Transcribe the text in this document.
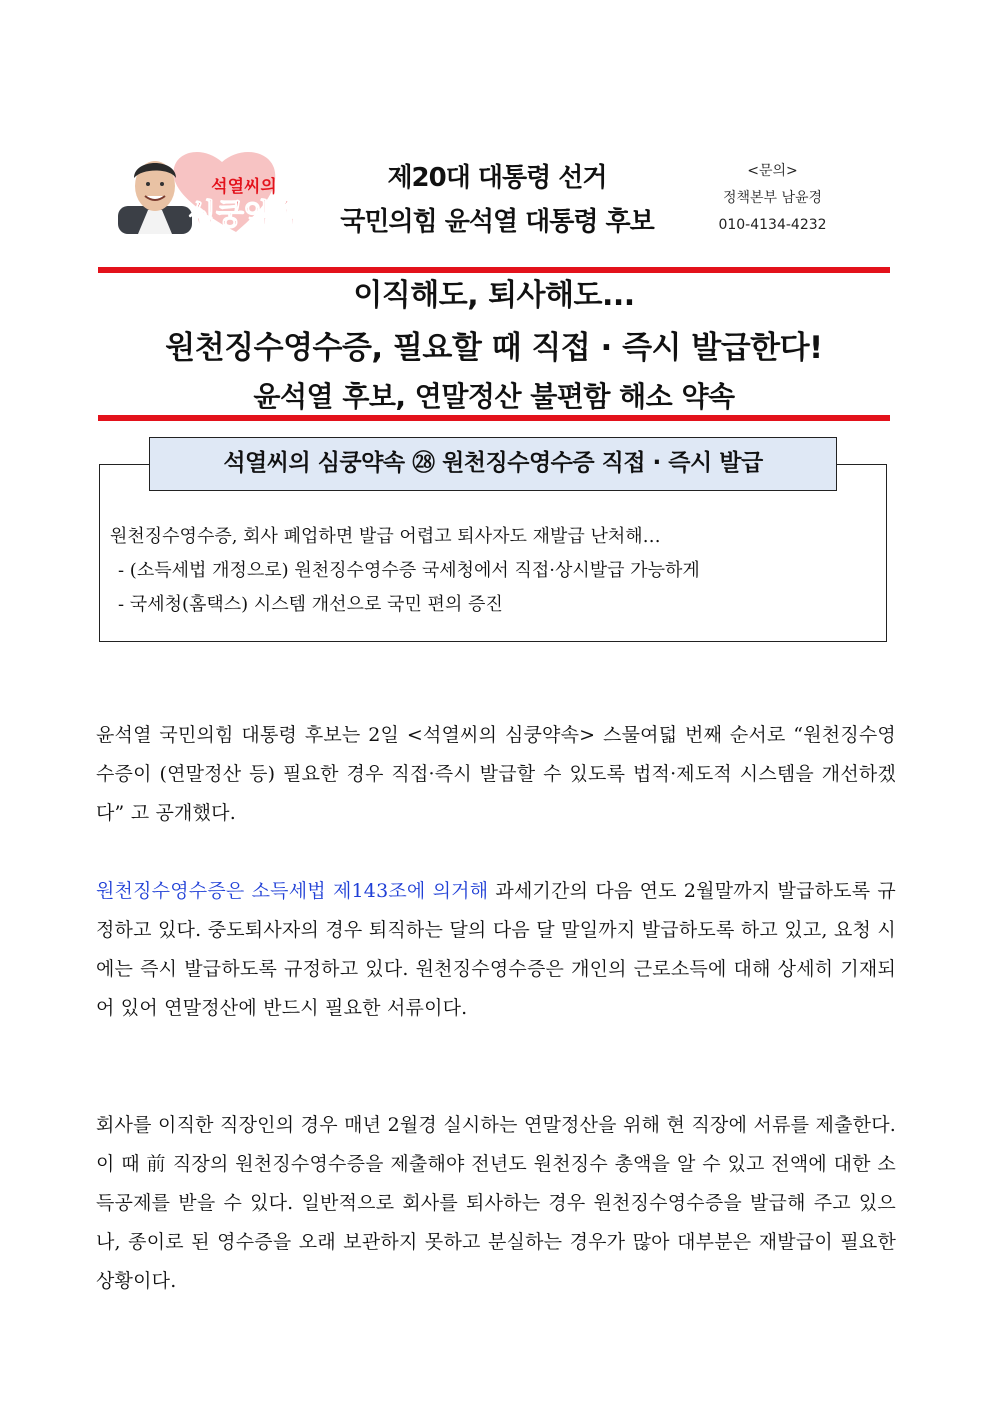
석열씨의
심쿵약속
제20대 대통령 선거
국민의힘 윤석열 대통령 후보
<문의>
정책본부 남윤경
010-4134-4232
이직해도, 퇴사해도...
원천징수영수증, 필요할 때 직접 · 즉시 발급한다!
윤석열 후보, 연말정산 불편함 해소 약속
석열씨의 심쿵약속 ㉘ 원천징수영수증 직접 · 즉시 발급
원천징수영수증, 회사 폐업하면 발급 어렵고 퇴사자도 재발급 난처해…
- (소득세법 개정으로) 원천징수영수증 국세청에서 직접·상시발급 가능하게
- 국세청(홈택스) 시스템 개선으로 국민 편의 증진
윤석열 국민의힘 대통령 후보는 2일 <석열씨의 심쿵약속> 스물여덟 번째 순서로 “원천징수영수증이 (연말정산 등) 필요한 경우 직접·즉시 발급할 수 있도록 법적·제도적 시스템을 개선하겠다” 고 공개했다.
원천징수영수증은 소득세법 제143조에 의거해 과세기간의 다음 연도 2월말까지 발급하도록 규정하고 있다. 중도퇴사자의 경우 퇴직하는 달의 다음 달 말일까지 발급하도록 하고 있고, 요청 시에는 즉시 발급하도록 규정하고 있다. 원천징수영수증은 개인의 근로소득에 대해 상세히 기재되어 있어 연말정산에 반드시 필요한 서류이다.
회사를 이직한 직장인의 경우 매년 2월경 실시하는 연말정산을 위해 현 직장에 서류를 제출한다. 이 때 前 직장의 원천징수영수증을 제출해야 전년도 원천징수 총액을 알 수 있고 전액에 대한 소득공제를 받을 수 있다. 일반적으로 회사를 퇴사하는 경우 원천징수영수증을 발급해 주고 있으나, 종이로 된 영수증을 오래 보관하지 못하고 분실하는 경우가 많아 대부분은 재발급이 필요한 상황이다.
